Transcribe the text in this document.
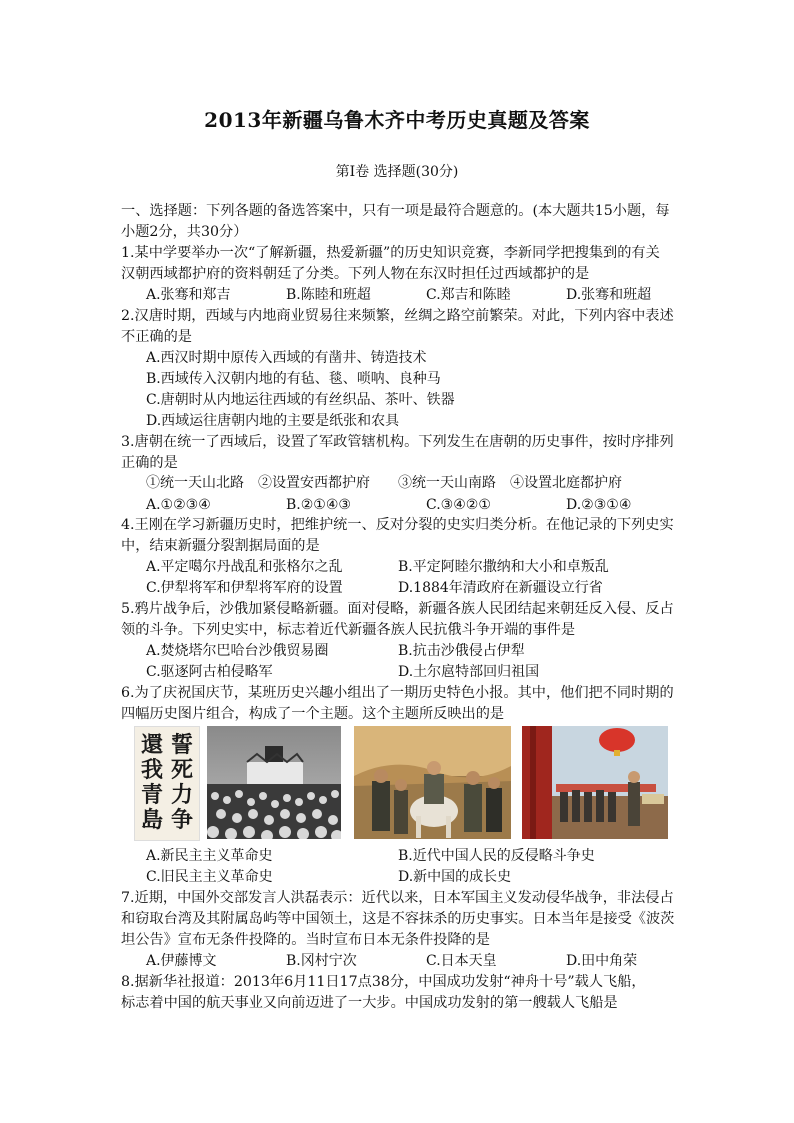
2013年新疆乌鲁木齐中考历史真题及答案
第Ⅰ卷 选择题(30分)
一、选择题：下列各题的备选答案中，只有一项是最符合题意的。(本大题共15小题，每
小题2分，共30分）
1.某中学要举办一次“了解新疆，热爱新疆”的历史知识竞赛，李新同学把搜集到的有关
汉朝西域都护府的资料朝廷了分类。下列人物在东汉时担任过西域都护的是
A.张骞和郑吉	B.陈睦和班超	C.郑吉和陈睦	D.张骞和班超
2.汉唐时期，西域与内地商业贸易往来频繁，丝绸之路空前繁荣。对此，下列内容中表述
不正确的是
A.西汉时期中原传入西域的有凿井、铸造技术
B.西域传入汉朝内地的有毡、毯、唢呐、良种马
C.唐朝时从内地运往西域的有丝织品、茶叶、铁器
D.西域运往唐朝内地的主要是纸张和农具
3.唐朝在统一了西域后，设置了军政管辖机构。下列发生在唐朝的历史事件，按时序排列
正确的是
①统一天山北路　②设置安西都护府　　③统一天山南路　④设置北庭都护府
A.①②③④	B.②①④③	C.③④②①	D.②③①④
4.王刚在学习新疆历史时，把维护统一、反对分裂的史实归类分析。在他记录的下列史实
中，结束新疆分裂割据局面的是
A.平定噶尔丹战乱和张格尔之乱	B.平定阿睦尔撒纳和大小和卓叛乱
C.伊犁将军和伊犁将军府的设置	D.1884年清政府在新疆设立行省
5.鸦片战争后，沙俄加紧侵略新疆。面对侵略，新疆各族人民团结起来朝廷反入侵、反占
领的斗争。下列史实中，标志着近代新疆各族人民抗俄斗争开端的事件是
A.焚烧塔尔巴哈台沙俄贸易圈	B.抗击沙俄侵占伊犁
C.驱逐阿古柏侵略军	D.土尔扈特部回归祖国
6.为了庆祝国庆节，某班历史兴趣小组出了一期历史特色小报。其中，他们把不同时期的
四幅历史图片组合，构成了一个主题。这个主题所反映出的是
誓
死
力
争
還
我
青
島
A.新民主主义革命史	B.近代中国人民的反侵略斗争史
C.旧民主主义革命史	D.新中国的成长史
7.近期，中国外交部发言人洪磊表示：近代以来，日本军国主义发动侵华战争，非法侵占
和窃取台湾及其附属岛屿等中国领土，这是不容抹杀的历史事实。日本当年是接受《波茨
坦公告》宣布无条件投降的。当时宣布日本无条件投降的是
A.伊藤博文	B.冈村宁次	C.日本天皇	D.田中角荣
8.据新华社报道：2013年6月11日17点38分，中国成功发射“神舟十号”载人飞船，
标志着中国的航天事业又向前迈进了一大步。中国成功发射的第一艘载人飞船是
